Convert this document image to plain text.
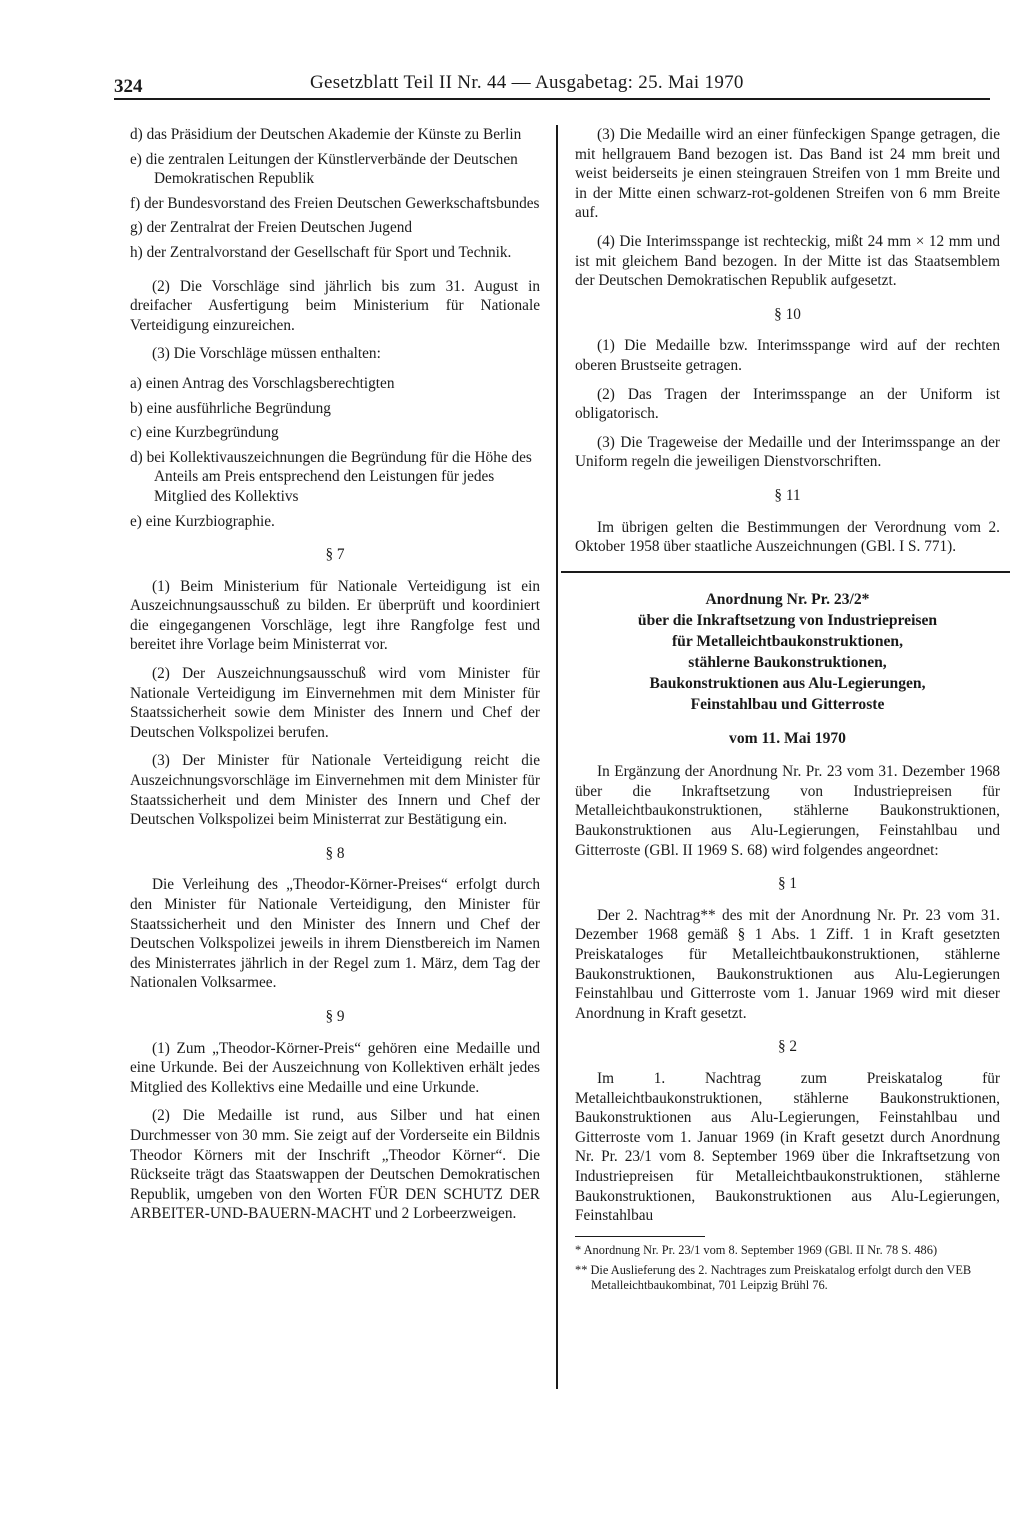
324	Gesetzblatt Teil II Nr. 44 — Ausgabetag: 25. Mai 1970

d) das Präsidium der Deutschen Akademie der Künste zu Berlin

e) die zentralen Leitungen der Künstlerverbände der Deutschen Demokratischen Republik

f) der Bundesvorstand des Freien Deutschen Gewerkschaftsbundes

g) der Zentralrat der Freien Deutschen Jugend

h) der Zentralvorstand der Gesellschaft für Sport und Technik.

(2) Die Vorschläge sind jährlich bis zum 31. August in dreifacher Ausfertigung beim Ministerium für Nationale Verteidigung einzureichen.

(3) Die Vorschläge müssen enthalten:

a) einen Antrag des Vorschlagsberechtigten

b) eine ausführliche Begründung

c) eine Kurzbegründung

d) bei Kollektivauszeichnungen die Begründung für die Höhe des Anteils am Preis entsprechend den Leistungen für jedes Mitglied des Kollektivs

e) eine Kurzbiographie.

§ 7

(1) Beim Ministerium für Nationale Verteidigung ist ein Auszeichnungsausschuß zu bilden. Er überprüft und koordiniert die eingegangenen Vorschläge, legt ihre Rangfolge fest und bereitet ihre Vorlage beim Ministerrat vor.

(2) Der Auszeichnungsausschuß wird vom Minister für Nationale Verteidigung im Einvernehmen mit dem Minister für Staatssicherheit sowie dem Minister des Innern und Chef der Deutschen Volkspolizei berufen.

(3) Der Minister für Nationale Verteidigung reicht die Auszeichnungsvorschläge im Einvernehmen mit dem Minister für Staatssicherheit und dem Minister des Innern und Chef der Deutschen Volkspolizei beim Ministerrat zur Bestätigung ein.

§ 8

Die Verleihung des „Theodor-Körner-Preises“ erfolgt durch den Minister für Nationale Verteidigung, den Minister für Staatssicherheit und den Minister des Innern und Chef der Deutschen Volkspolizei jeweils in ihrem Dienstbereich im Namen des Ministerrates jährlich in der Regel zum 1. März, dem Tag der Nationalen Volksarmee.

§ 9

(1) Zum „Theodor-Körner-Preis“ gehören eine Medaille und eine Urkunde. Bei der Auszeichnung von Kollektiven erhält jedes Mitglied des Kollektivs eine Medaille und eine Urkunde.

(2) Die Medaille ist rund, aus Silber und hat einen Durchmesser von 30 mm. Sie zeigt auf der Vorderseite ein Bildnis Theodor Körners mit der Inschrift „Theodor Körner“. Die Rückseite trägt das Staatswappen der Deutschen Demokratischen Republik, umgeben von den Worten FÜR DEN SCHUTZ DER ARBEITER-UND-BAUERN-MACHT und 2 Lorbeerzweigen.

(3) Die Medaille wird an einer fünfeckigen Spange getragen, die mit hellgrauem Band bezogen ist. Das Band ist 24 mm breit und weist beiderseits je einen steingrauen Streifen von 1 mm Breite und in der Mitte einen schwarz-rot-goldenen Streifen von 6 mm Breite auf.

(4) Die Interimsspange ist rechteckig, mißt 24 mm × 12 mm und ist mit gleichem Band bezogen. In der Mitte ist das Staatsemblem der Deutschen Demokratischen Republik aufgesetzt.

§ 10

(1) Die Medaille bzw. Interimsspange wird auf der rechten oberen Brustseite getragen.

(2) Das Tragen der Interimsspange an der Uniform ist obligatorisch.

(3) Die Trageweise der Medaille und der Interimsspange an der Uniform regeln die jeweiligen Dienstvorschriften.

§ 11

Im übrigen gelten die Bestimmungen der Verordnung vom 2. Oktober 1958 über staatliche Auszeichnungen (GBl. I S. 771).

Anordnung Nr. Pr. 23/2*

über die Inkraftsetzung von Industriepreisen

für Metalleichtbaukonstruktionen,

stählerne Baukonstruktionen,

Baukonstruktionen aus Alu-Legierungen,

Feinstahlbau und Gitterroste

vom 11. Mai 1970

In Ergänzung der Anordnung Nr. Pr. 23 vom 31. Dezember 1968 über die Inkraftsetzung von Industriepreisen für Metalleichtbaukonstruktionen, stählerne Baukonstruktionen, Baukonstruktionen aus Alu-Legierungen, Feinstahlbau und Gitterroste (GBl. II 1969 S. 68) wird folgendes angeordnet:

§ 1

Der 2. Nachtrag** des mit der Anordnung Nr. Pr. 23 vom 31. Dezember 1968 gemäß § 1 Abs. 1 Ziff. 1 in Kraft gesetzten Preiskataloges für Metalleichtbaukonstruktionen, stählerne Baukonstruktionen, Baukonstruktionen aus Alu-Legierungen Feinstahlbau und Gitterroste vom 1. Januar 1969 wird mit dieser Anordnung in Kraft gesetzt.

§ 2

Im 1. Nachtrag zum Preiskatalog für Metalleichtbaukonstruktionen, stählerne Baukonstruktionen, Baukonstruktionen aus Alu-Legierungen, Feinstahlbau und Gitterroste vom 1. Januar 1969 (in Kraft gesetzt durch Anordnung Nr. Pr. 23/1 vom 8. September 1969 über die Inkraftsetzung von Industriepreisen für Metalleichtbaukonstruktionen, stählerne Baukonstruktionen, Baukonstruktionen aus Alu-Legierungen, Feinstahlbau

* Anordnung Nr. Pr. 23/1 vom 8. September 1969 (GBl. II Nr. 78 S. 486)

** Die Auslieferung des 2. Nachtrages zum Preiskatalog erfolgt durch den VEB Metalleichtbaukombinat, 701 Leipzig Brühl 76.
